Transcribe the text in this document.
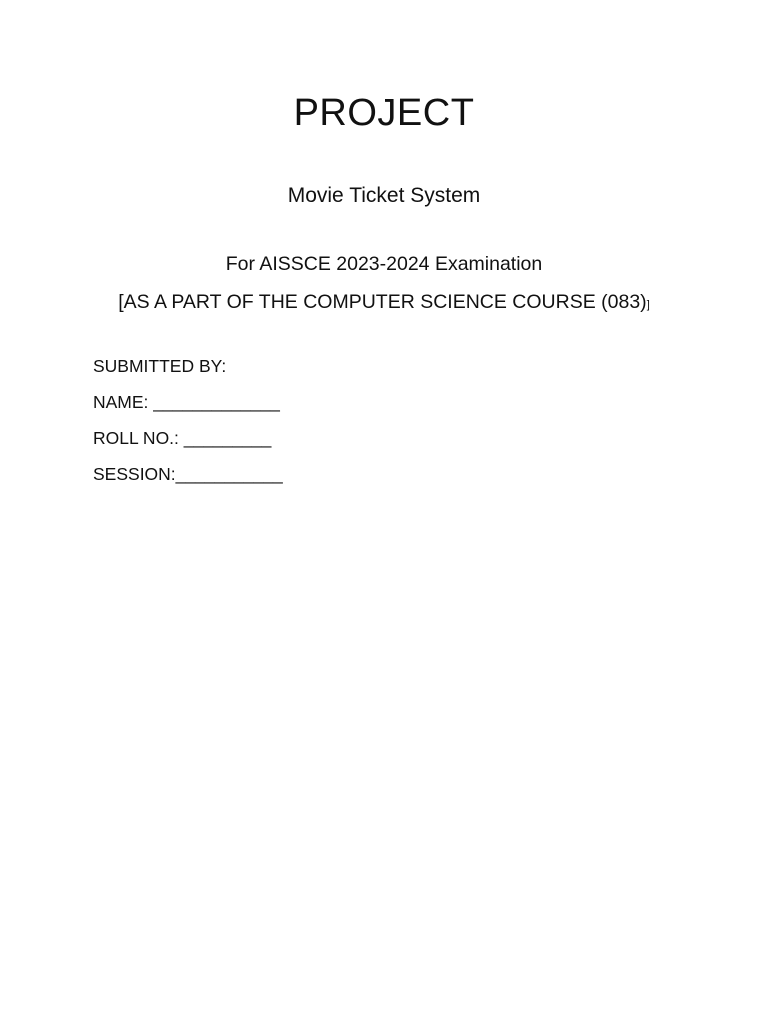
PROJECT
Movie Ticket System
For AISSCE 2023-2024 Examination
[AS A PART OF THE COMPUTER SCIENCE COURSE (083)]
SUBMITTED BY:
NAME: _____________
ROLL NO.: _________
SESSION:___________
